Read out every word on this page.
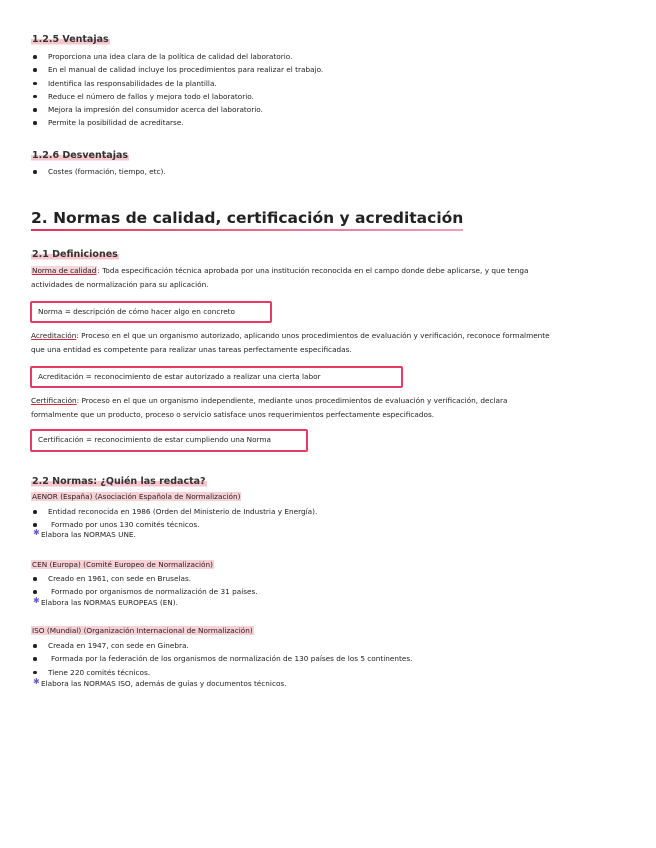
1.2.5 Ventajas
Proporciona una idea clara de la política de calidad del laboratorio.
En el manual de calidad incluye los procedimientos para realizar el trabajo.
Identifica las responsabilidades de la plantilla.
Reduce el número de fallos y mejora todo el laboratorio.
Mejora la impresión del consumidor acerca del laboratorio.
Permite la posibilidad de acreditarse.
1.2.6 Desventajas
Costes (formación, tiempo, etc).
2. Normas de calidad, certificación y acreditación
2.1 Definiciones
Norma de calidad: Toda especificación técnica aprobada por una institución reconocida en el campo donde debe aplicarse, y que tenga
actividades de normalización para su aplicación.
Norma = descripción de cómo hacer algo en concreto
Acreditación: Proceso en el que un organismo autorizado, aplicando unos procedimientos de evaluación y verificación, reconoce formalmente
que una entidad es competente para realizar unas tareas perfectamente especificadas.
Acreditación = reconocimiento de estar autorizado a realizar una cierta labor
Certificación: Proceso en el que un organismo independiente, mediante unos procedimientos de evaluación y verificación, declara
formalmente que un producto, proceso o servicio satisface unos requerimientos perfectamente especificados.
Certificación = reconocimiento de estar cumpliendo una Norma
2.2 Normas: ¿Quién las redacta?
AENOR (España) (Asociación Española de Normalización)
Entidad reconocida en 1986 (Orden del Ministerio de Industria y Energía).
Formado por unos 130 comités técnicos.
✱ Elabora las NORMAS UNE.
CEN (Europa) (Comité Europeo de Normalización)
Creado en 1961, con sede en Bruselas.
Formado por organismos de normalización de 31 países.
✱ Elabora las NORMAS EUROPEAS (EN).
ISO (Mundial) (Organización Internacional de Normalización)
Creada en 1947, con sede en Ginebra.
Formada por la federación de los organismos de normalización de 130 países de los 5 continentes.
Tiene 220 comités técnicos.
✱ Elabora las NORMAS ISO, además de guías y documentos técnicos.
